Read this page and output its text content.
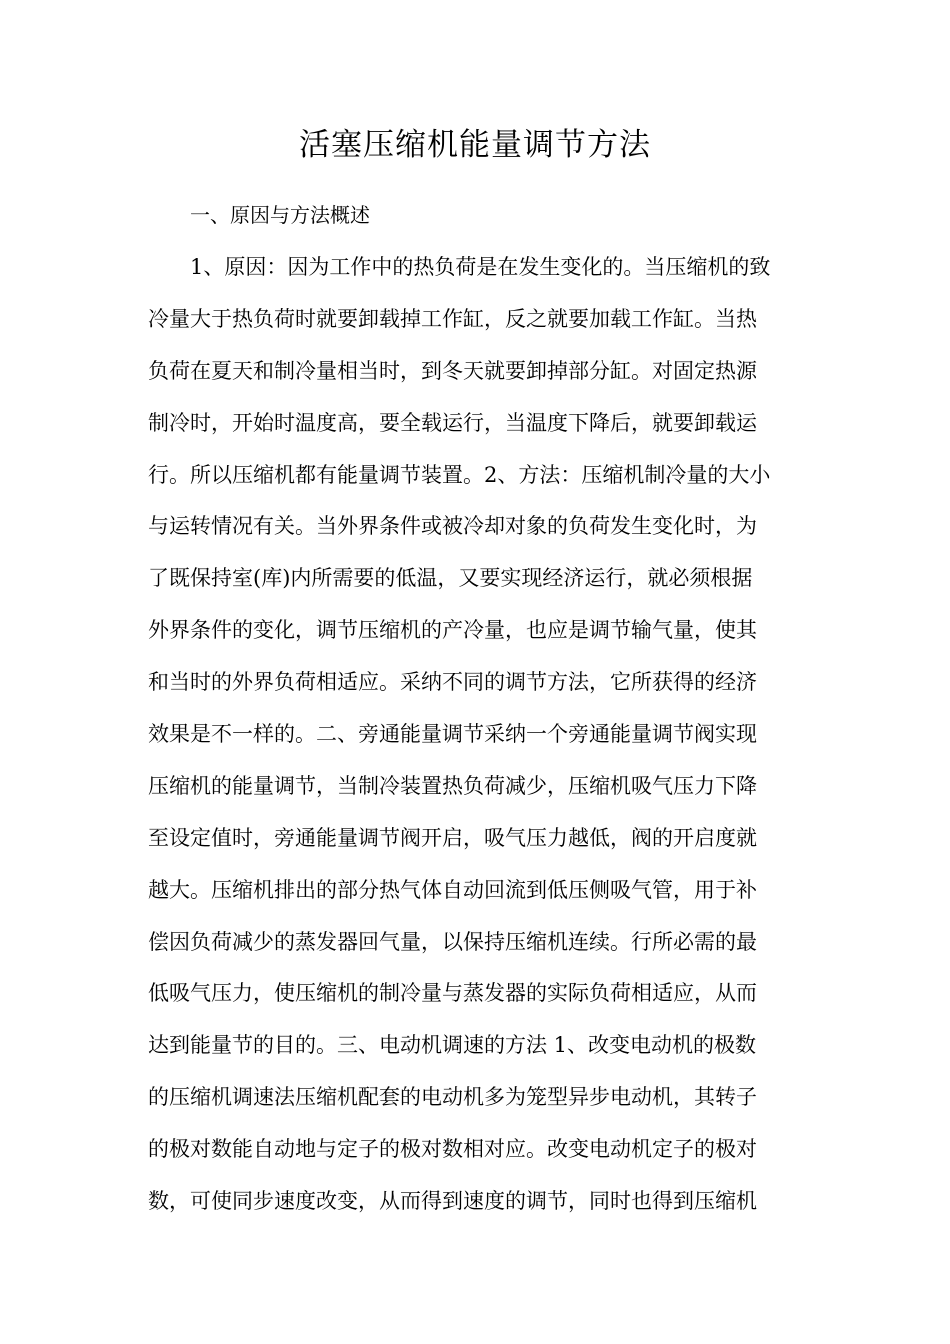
活塞压缩机能量调节方法

一、原因与方法概述

1、原因：因为工作中的热负荷是在发生变化的。当压缩机的致
冷量大于热负荷时就要卸载掉工作缸，反之就要加载工作缸。当热
负荷在夏天和制冷量相当时，到冬天就要卸掉部分缸。对固定热源
制冷时，开始时温度高，要全载运行，当温度下降后，就要卸载运
行。所以压缩机都有能量调节装置。2、方法：压缩机制冷量的大小
与运转情况有关。当外界条件或被冷却对象的负荷发生变化时，为
了既保持室(库)内所需要的低温，又要实现经济运行，就必须根据
外界条件的变化，调节压缩机的产冷量，也应是调节输气量，使其
和当时的外界负荷相适应。采纳不同的调节方法，它所获得的经济
效果是不一样的。二、旁通能量调节采纳一个旁通能量调节阀实现
压缩机的能量调节，当制冷装置热负荷减少，压缩机吸气压力下降
至设定值时，旁通能量调节阀开启，吸气压力越低，阀的开启度就
越大。压缩机排出的部分热气体自动回流到低压侧吸气管，用于补
偿因负荷减少的蒸发器回气量，以保持压缩机连续。行所必需的最
低吸气压力，使压缩机的制冷量与蒸发器的实际负荷相适应，从而
达到能量节的目的。三、电动机调速的方法 1、改变电动机的极数
的压缩机调速法压缩机配套的电动机多为笼型异步电动机，其转子
的极对数能自动地与定子的极对数相对应。改变电动机定子的极对
数，可使同步速度改变，从而得到速度的调节，同时也得到压缩机
